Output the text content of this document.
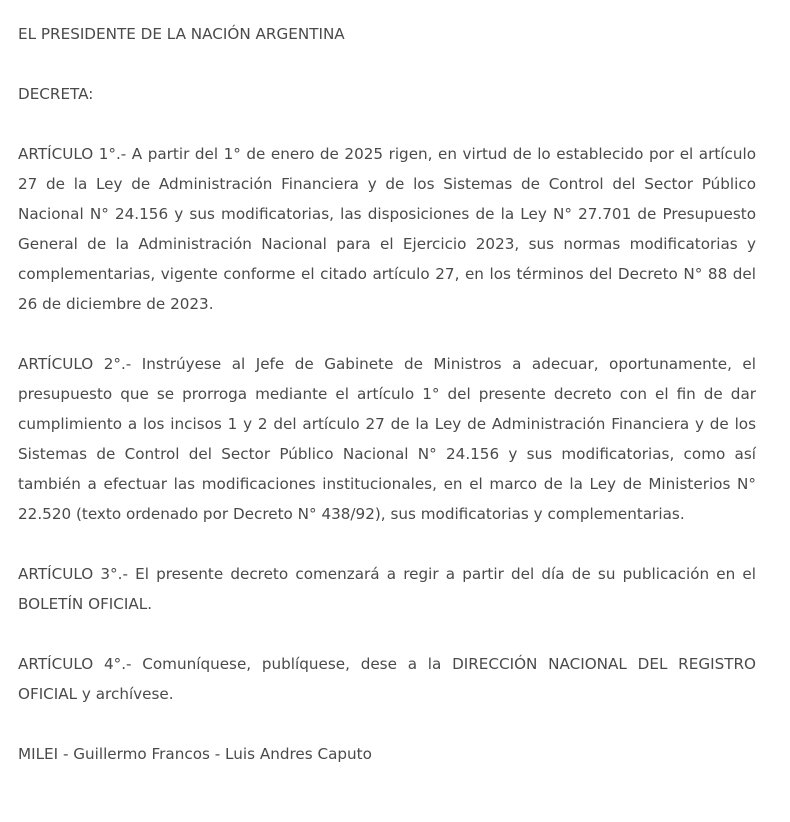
EL PRESIDENTE DE LA NACIÓN ARGENTINA

DECRETA:

ARTÍCULO 1°.- A partir del 1° de enero de 2025 rigen, en virtud de lo establecido por el artículo 27 de la Ley de Administración Financiera y de los Sistemas de Control del Sector Público Nacional N° 24.156 y sus modificatorias, las disposiciones de la Ley N° 27.701 de Presupuesto General de la Administración Nacional para el Ejercicio 2023, sus normas modificatorias y complementarias, vigente conforme el citado artículo 27, en los términos del Decreto N° 88 del 26 de diciembre de 2023.

ARTÍCULO 2°.- Instrúyese al Jefe de Gabinete de Ministros a adecuar, oportunamente, el presupuesto que se prorroga mediante el artículo 1° del presente decreto con el fin de dar cumplimiento a los incisos 1 y 2 del artículo 27 de la Ley de Administración Financiera y de los Sistemas de Control del Sector Público Nacional N° 24.156 y sus modificatorias, como así también a efectuar las modificaciones institucionales, en el marco de la Ley de Ministerios N° 22.520 (texto ordenado por Decreto N° 438/92), sus modificatorias y complementarias.

ARTÍCULO 3°.- El presente decreto comenzará a regir a partir del día de su publicación en el BOLETÍN OFICIAL.

ARTÍCULO 4°.- Comuníquese, publíquese, dese a la DIRECCIÓN NACIONAL DEL REGISTRO OFICIAL y archívese.

MILEI - Guillermo Francos - Luis Andres Caputo
